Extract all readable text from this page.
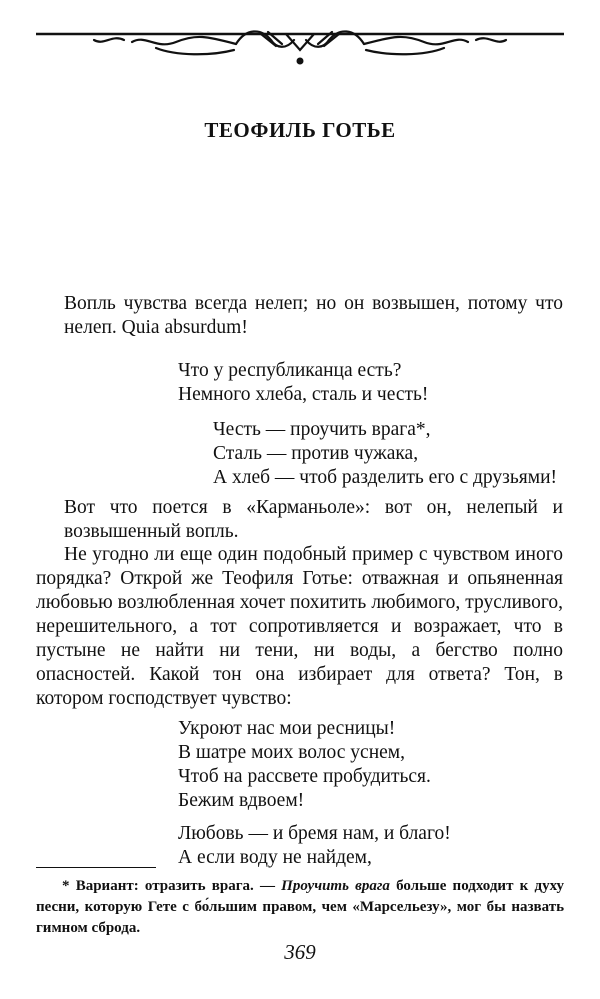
ТЕОФИЛЬ ГОТЬЕ
Вопль чувства всегда нелеп; но он возвышен, потому что нелеп. Quia absurdum!
Что у республиканца есть?
Немного хлеба, сталь и честь!
Честь — проучить врага*,
Сталь — против чужака,
А хлеб — чтоб разделить его с друзьями!
Вот что поется в «Карманьоле»: вот он, нелепый и возвышенный вопль.
Не угодно ли еще один подобный пример с чувством иного порядка? Открой же Теофиля Готье: отважная и опьяненная любовью возлюбленная хочет похитить любимого, трусливого, нерешительного, а тот сопротивляется и возражает, что в пустыне не найти ни тени, ни воды, а бегство полно опасностей. Какой тон она избирает для ответа? Тон, в котором господствует чувство:
Укроют нас мои ресницы!
В шатре моих волос уснем,
Чтоб на рассвете пробудиться.
Бежим вдвоем!
Любовь — и бремя нам, и благо!
А если воду не найдем,
* Вариант: отразить врага. — Проучить врага больше подходит к духу песни, которую Гете с бо́льшим правом, чем «Марсельезу», мог бы назвать гимном сброда.
369
